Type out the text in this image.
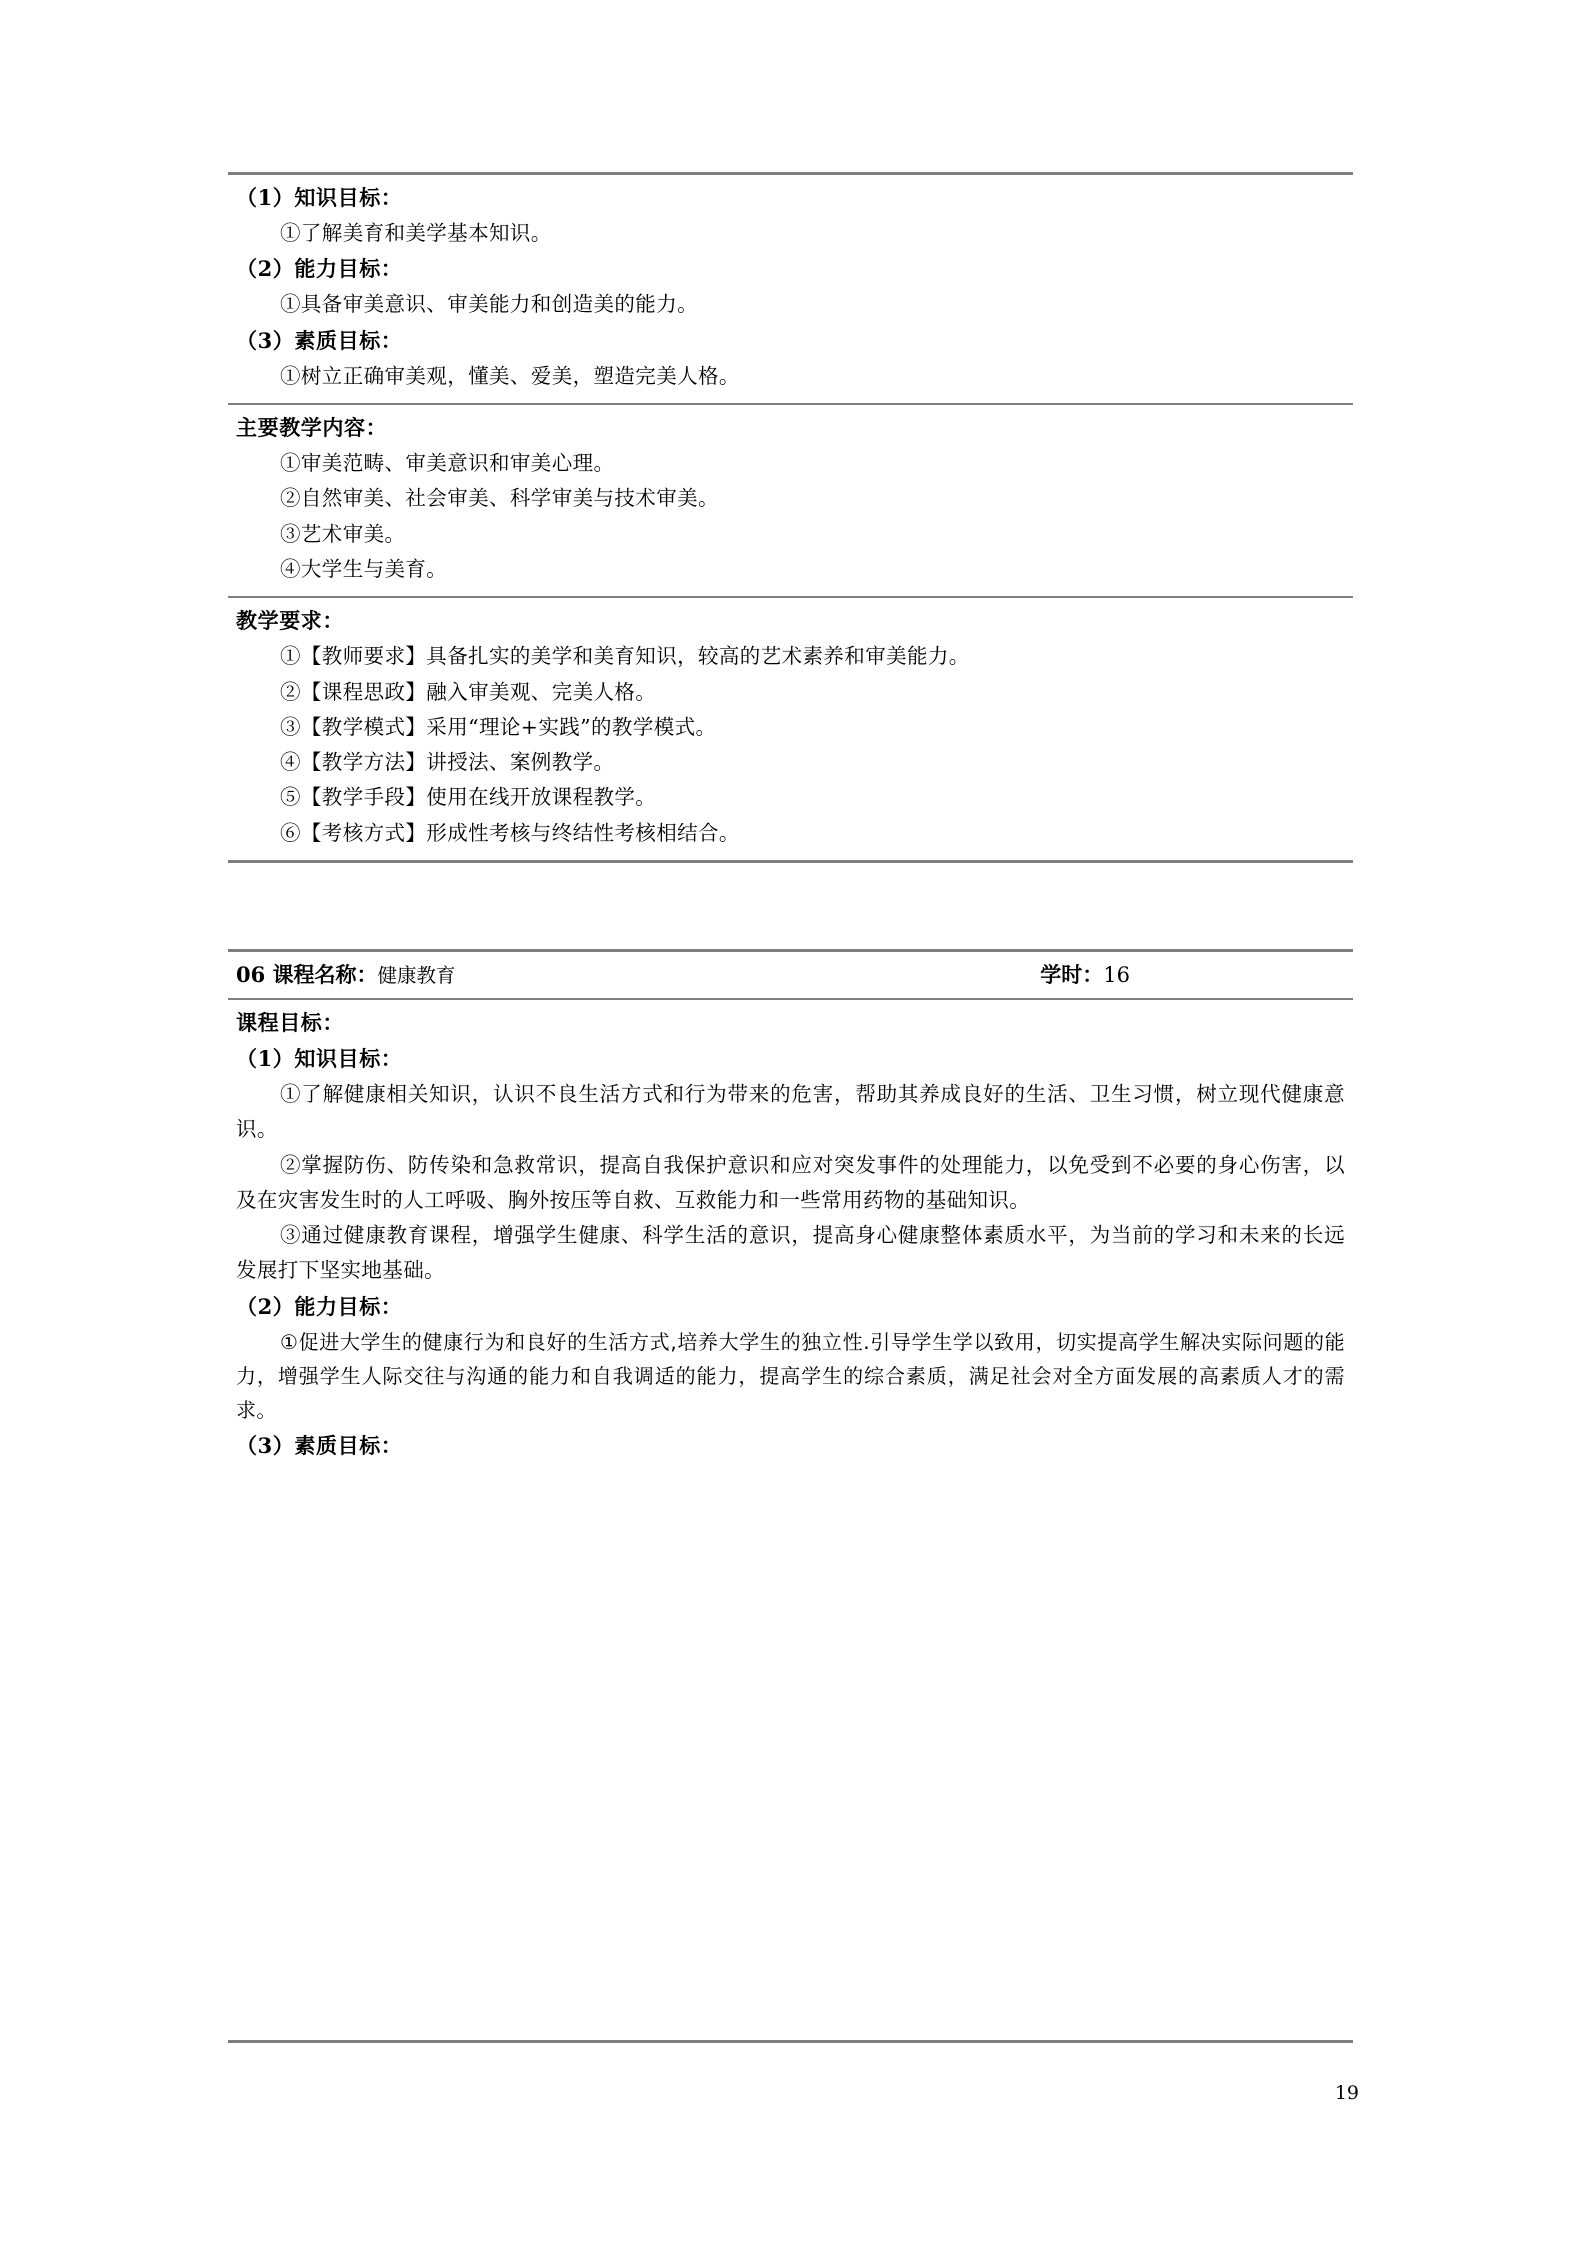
（1）知识目标：

①了解美育和美学基本知识。

（2）能力目标：

①具备审美意识、审美能力和创造美的能力。

（3）素质目标：

①树立正确审美观，懂美、爱美，塑造完美人格。

主要教学内容：

①审美范畴、审美意识和审美心理。

②自然审美、社会审美、科学审美与技术审美。

③艺术审美。

④大学生与美育。

教学要求：

①【教师要求】具备扎实的美学和美育知识，较高的艺术素养和审美能力。

②【课程思政】融入审美观、完美人格。

③【教学模式】采用“理论+实践”的教学模式。

④【教学方法】讲授法、案例教学。

⑤【教学手段】使用在线开放课程教学。

⑥【考核方式】形成性考核与终结性考核相结合。

06 课程名称：健康教育	学时：16

课程目标：

（1）知识目标：

①了解健康相关知识，认识不良生活方式和行为带来的危害，帮助其养成良好的生活、卫生习惯，树立现代健康意识。

②掌握防伤、防传染和急救常识，提高自我保护意识和应对突发事件的处理能力，以免受到不必要的身心伤害，以及在灾害发生时的人工呼吸、胸外按压等自救、互救能力和一些常用药物的基础知识。

③通过健康教育课程，增强学生健康、科学生活的意识，提高身心健康整体素质水平，为当前的学习和未来的长远发展打下坚实地基础。

（2）能力目标：

①促进大学生的健康行为和良好的生活方式,培养大学生的独立性.引导学生学以致用，切实提高学生解决实际问题的能力，增强学生人际交往与沟通的能力和自我调适的能力，提高学生的综合素质，满足社会对全方面发展的高素质人才的需求。

（3）素质目标：

19
